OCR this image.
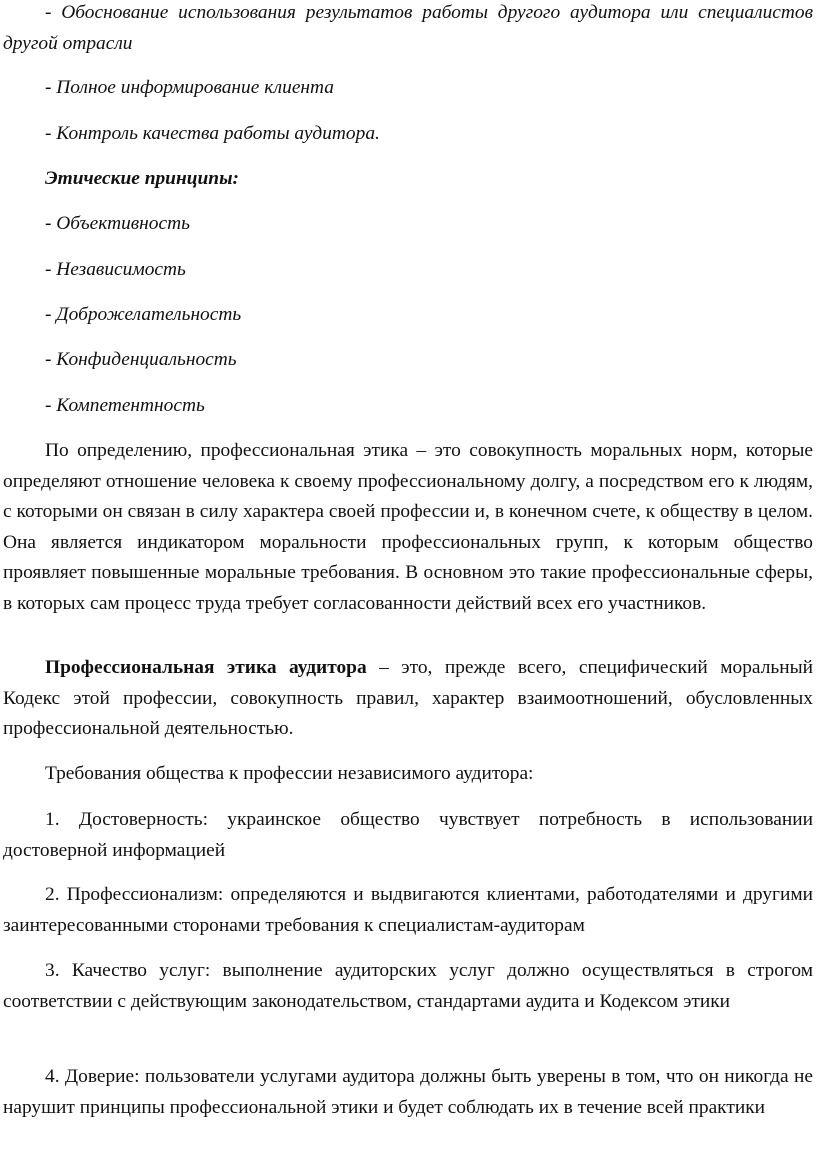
- Обоснование использования результатов работы другого аудитора или специалистов другой отрасли

- Полное информирование клиента

- Контроль качества работы аудитора.

Этические принципы:

- Объективность

- Независимость

- Доброжелательность

- Конфиденциальность

- Компетентность

По определению, профессиональная этика – это совокупность моральных норм, которые определяют отношение человека к своему профессиональному долгу, а посредством его к людям, с которыми он связан в силу характера своей профессии и, в конечном счете, к обществу в целом. Она является индикатором моральности профессиональных групп, к которым общество проявляет повышенные моральные требования. В основном это такие профессиональные сферы, в которых сам процесс труда требует согласованности действий всех его участников.

Профессиональная этика аудитора – это, прежде всего, специфический моральный Кодекс этой профессии, совокупность правил, характер взаимоотношений, обусловленных профессиональной деятельностью.

Требования общества к профессии независимого аудитора:

1. Достоверность: украинское общество чувствует потребность в использовании достоверной информацией

2. Профессионализм: определяются и выдвигаются клиентами, работодателями и другими заинтересованными сторонами требования к специалистам-аудиторам

3. Качество услуг: выполнение аудиторских услуг должно осуществляться в строгом соответствии с действующим законодательством, стандартами аудита и Кодексом этики

4. Доверие: пользователи услугами аудитора должны быть уверены в том, что он никогда не нарушит принципы профессиональной этики и будет соблюдать их в течение всей практики
